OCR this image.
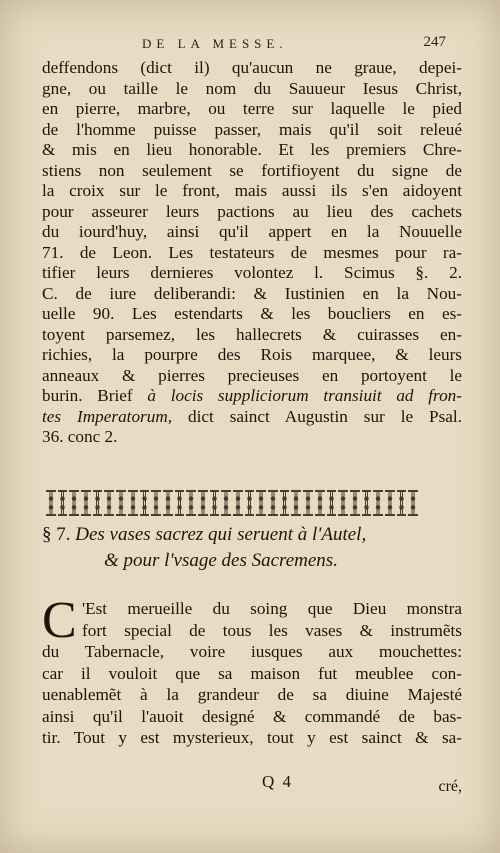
DE LA MESSE.	247
deffendons (dict il) qu'aucun ne graue, depei-
gne, ou taille le nom du Sauueur Iesus Christ,
en pierre, marbre, ou terre sur laquelle le pied
de l'homme puisse passer, mais qu'il soit releué
& mis en lieu honorable. Et les premiers Chre-
stiens non seulement se fortifioyent du signe de
la croix sur le front, mais aussi ils s'en aidoyent
pour asseurer leurs pactions au lieu des cachets
du iourd'huy, ainsi qu'il appert en la Nouuelle
71. de Leon. Les testateurs de mesmes pour ra-
tifier leurs dernieres volontez l. Scimus §. 2.
C. de iure deliberandi: & Iustinien en la Nou-
uelle 90. Les estendarts & les boucliers en es-
toyent parsemez, les hallecrets & cuirasses en-
richies, la pourpre des Rois marquee, & leurs
anneaux & pierres precieuses en portoyent le
burin. Brief à locis suppliciorum transiuit ad fron-
tes Imperatorum, dict sainct Augustin sur le Psal.
36. conc 2.
§ 7. Des vases sacrez qui seruent à l'Autel,
& pour l'vsage des Sacremens.
C 'Est merueille du soing que Dieu monstra
fort special de tous les vases & instrumẽts
du Tabernacle, voire iusques aux mouchettes:
car il vouloit que sa maison fut meublee con-
uenablemẽt à la grandeur de sa diuine Majesté
ainsi qu'il l'auoit designé & commandé de bas-
tir. Tout y est mysterieux, tout y est sainct & sa-
Q 4	cré,
